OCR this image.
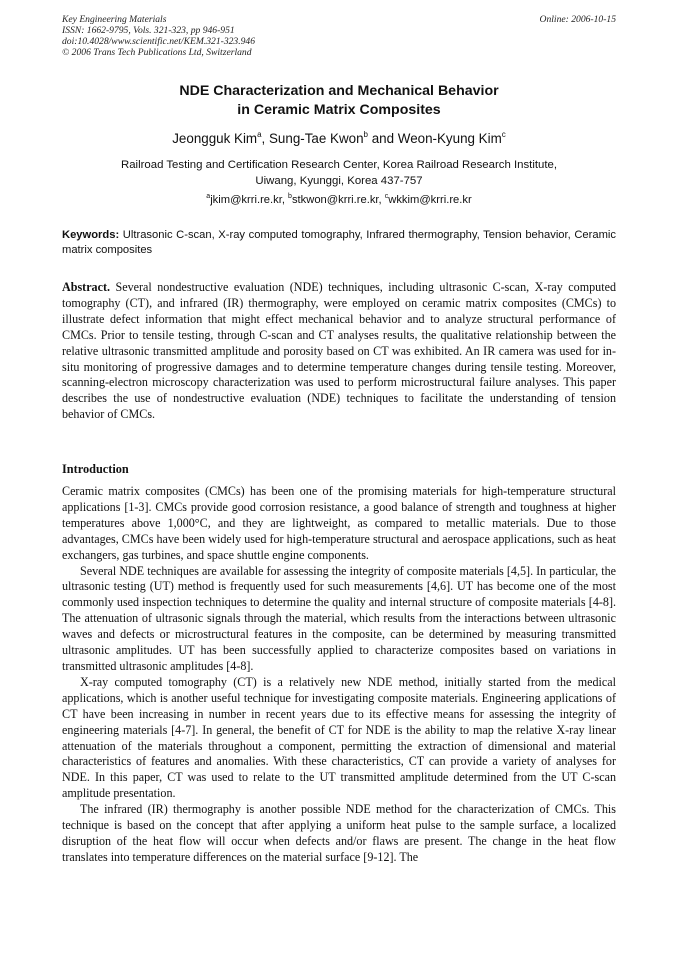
Key Engineering Materials
ISSN: 1662-9795, Vols. 321-323, pp 946-951
doi:10.4028/www.scientific.net/KEM.321-323.946
© 2006 Trans Tech Publications Ltd, Switzerland
Online: 2006-10-15
NDE Characterization and Mechanical Behavior
in Ceramic Matrix Composites
Jeongguk Kim$^a$, Sung-Tae Kwon$^b$ and Weon-Kyung Kim$^c$
Railroad Testing and Certification Research Center, Korea Railroad Research Institute,
Uiwang, Kyunggi, Korea 437-757
$^a$jkim@krri.re.kr, $^b$stkwon@krri.re.kr, $^c$wkkim@krri.re.kr
Keywords: Ultrasonic C-scan, X-ray computed tomography, Infrared thermography, Tension behavior, Ceramic matrix composites
Abstract. Several nondestructive evaluation (NDE) techniques, including ultrasonic C-scan, X-ray computed tomography (CT), and infrared (IR) thermography, were employed on ceramic matrix composites (CMCs) to illustrate defect information that might effect mechanical behavior and to analyze structural performance of CMCs. Prior to tensile testing, through C-scan and CT analyses results, the qualitative relationship between the relative ultrasonic transmitted amplitude and porosity based on CT was exhibited. An IR camera was used for in-situ monitoring of progressive damages and to determine temperature changes during tensile testing. Moreover, scanning-electron microscopy characterization was used to perform microstructural failure analyses. This paper describes the use of nondestructive evaluation (NDE) techniques to facilitate the understanding of tension behavior of CMCs.
Introduction

Ceramic matrix composites (CMCs) has been one of the promising materials for high-temperature structural applications [1-3]. CMCs provide good corrosion resistance, a good balance of strength and toughness at higher temperatures above 1,000°C, and they are lightweight, as compared to metallic materials. Due to those advantages, CMCs have been widely used for high-temperature structural and aerospace applications, such as heat exchangers, gas turbines, and space shuttle engine components.

Several NDE techniques are available for assessing the integrity of composite materials [4,5]. In particular, the ultrasonic testing (UT) method is frequently used for such measurements [4,6]. UT has become one of the most commonly used inspection techniques to determine the quality and internal structure of composite materials [4-8]. The attenuation of ultrasonic signals through the material, which results from the interactions between ultrasonic waves and defects or microstructural features in the composite, can be determined by measuring transmitted ultrasonic amplitudes. UT has been successfully applied to characterize composites based on variations in transmitted ultrasonic amplitudes [4-8].

X-ray computed tomography (CT) is a relatively new NDE method, initially started from the medical applications, which is another useful technique for investigating composite materials. Engineering applications of CT have been increasing in number in recent years due to its effective means for assessing the integrity of engineering materials [4-7]. In general, the benefit of CT for NDE is the ability to map the relative X-ray linear attenuation of the materials throughout a component, permitting the extraction of dimensional and material characteristics of features and anomalies. With these characteristics, CT can provide a variety of analyses for NDE. In this paper, CT was used to relate to the UT transmitted amplitude determined from the UT C-scan amplitude presentation.

The infrared (IR) thermography is another possible NDE method for the characterization of CMCs. This technique is based on the concept that after applying a uniform heat pulse to the sample surface, a localized disruption of the heat flow will occur when defects and/or flaws are present. The change in the heat flow translates into temperature differences on the material surface [9-12]. The
